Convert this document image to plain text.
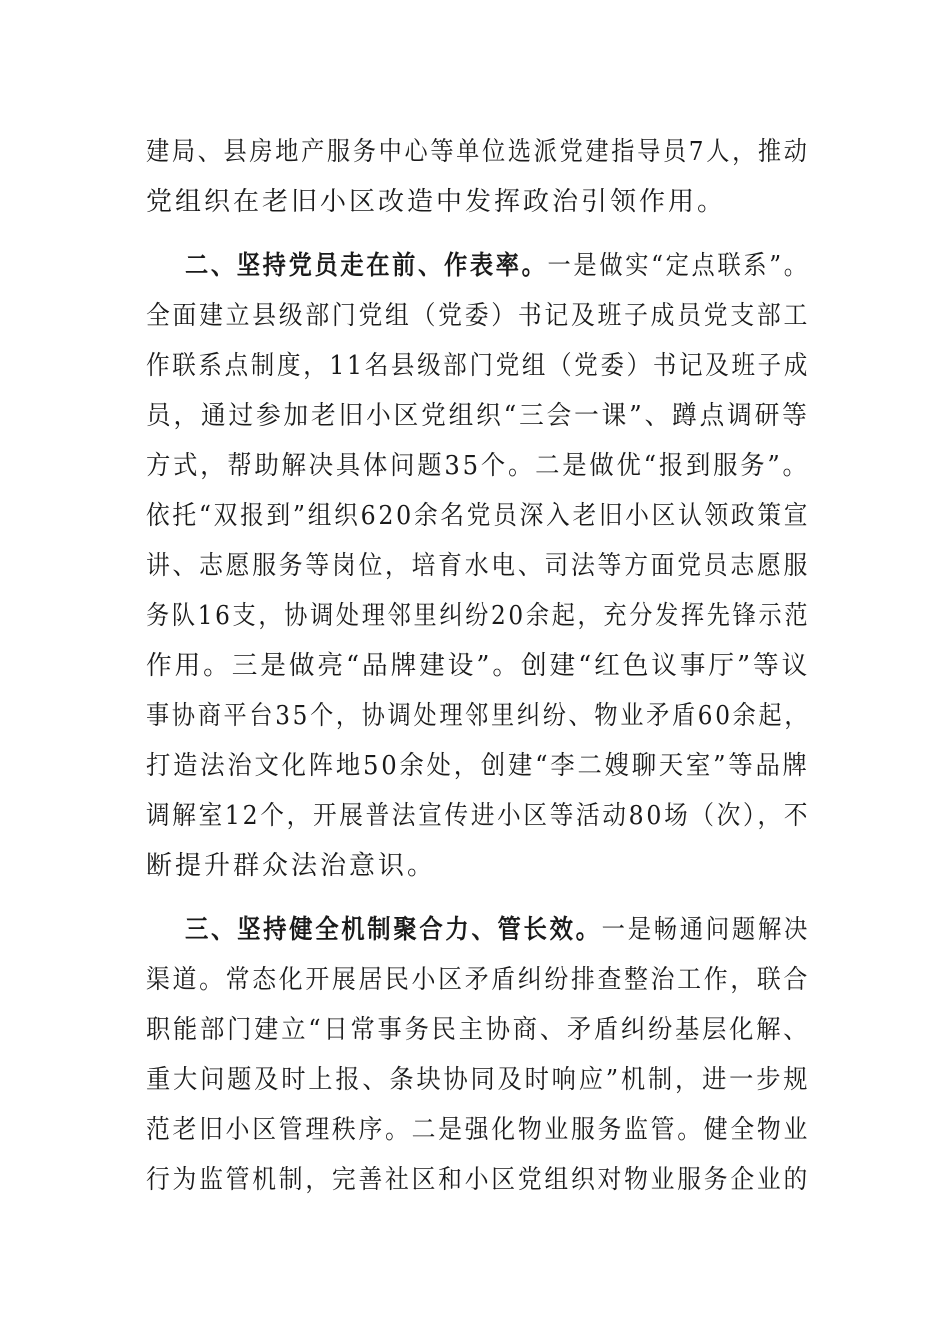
建局、县房地产服务中心等单位选派党建指导员7人，推动
党组织在老旧小区改造中发挥政治引领作用。
二、坚持党员走在前、作表率。一是做实“定点联系”。
全面建立县级部门党组（党委）书记及班子成员党支部工
作联系点制度，11名县级部门党组（党委）书记及班子成
员，通过参加老旧小区党组织“三会一课”、蹲点调研等
方式，帮助解决具体问题35个。二是做优“报到服务”。
依托“双报到”组织620余名党员深入老旧小区认领政策宣
讲、志愿服务等岗位，培育水电、司法等方面党员志愿服
务队16支，协调处理邻里纠纷20余起，充分发挥先锋示范
作用。三是做亮“品牌建设”。创建“红色议事厅”等议
事协商平台35个，协调处理邻里纠纷、物业矛盾60余起，
打造法治文化阵地50余处，创建“李二嫂聊天室”等品牌
调解室12个，开展普法宣传进小区等活动80场（次），不
断提升群众法治意识。
三、坚持健全机制聚合力、管长效。一是畅通问题解决
渠道。常态化开展居民小区矛盾纠纷排查整治工作，联合
职能部门建立“日常事务民主协商、矛盾纠纷基层化解、
重大问题及时上报、条块协同及时响应”机制，进一步规
范老旧小区管理秩序。二是强化物业服务监管。健全物业
行为监管机制，完善社区和小区党组织对物业服务企业的
